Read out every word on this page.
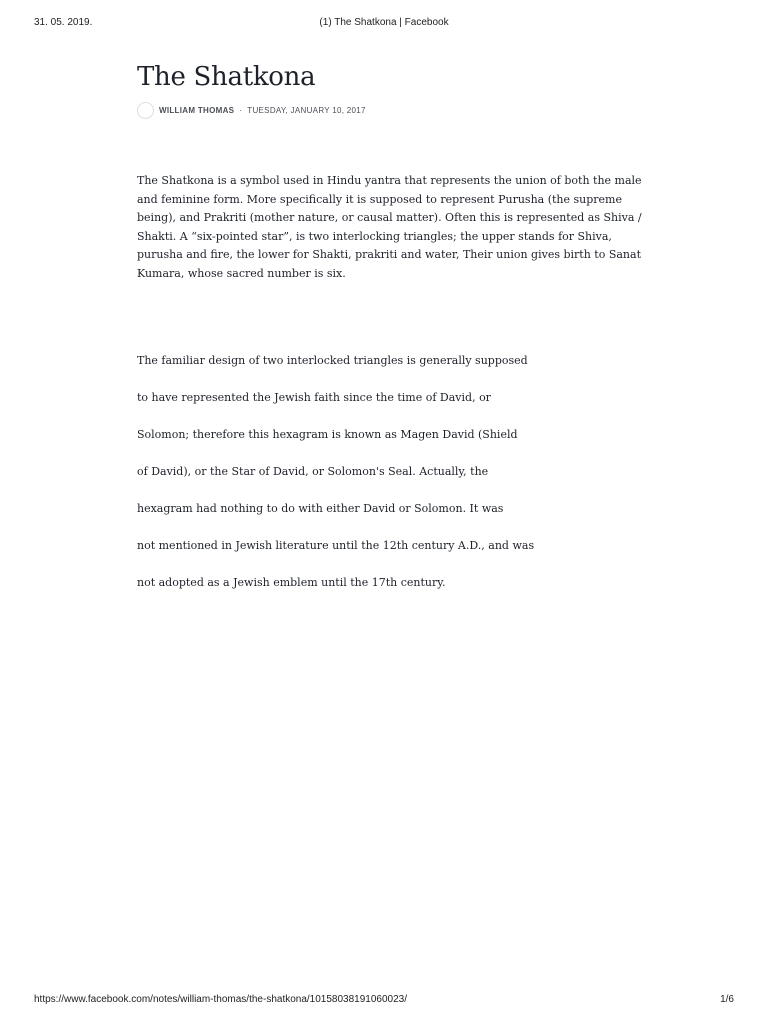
31. 05. 2019.	(1) The Shatkona | Facebook
The Shatkona
WILLIAM THOMAS · TUESDAY, JANUARY 10, 2017

The Shatkona is a symbol used in Hindu yantra that represents the union of both the male and feminine form. More specifically it is supposed to represent Purusha (the supreme being), and Prakriti (mother nature, or causal matter). Often this is represented as Shiva / Shakti. A “six-pointed star”, is two interlocking triangles; the upper stands for Shiva, purusha and fire, the lower for Shakti, prakriti and water, Their union gives birth to Sanat Kumara, whose sacred number is six.

The familiar design of two interlocked triangles is generally supposed

to have represented the Jewish faith since the time of David, or

Solomon; therefore this hexagram is known as Magen David (Shield

of David), or the Star of David, or Solomon's Seal. Actually, the

hexagram had nothing to do with either David or Solomon. It was

not mentioned in Jewish literature until the 12th century A.D., and was

not adopted as a Jewish emblem until the 17th century.

https://www.facebook.com/notes/william-thomas/the-shatkona/10158038191060023/	1/6
